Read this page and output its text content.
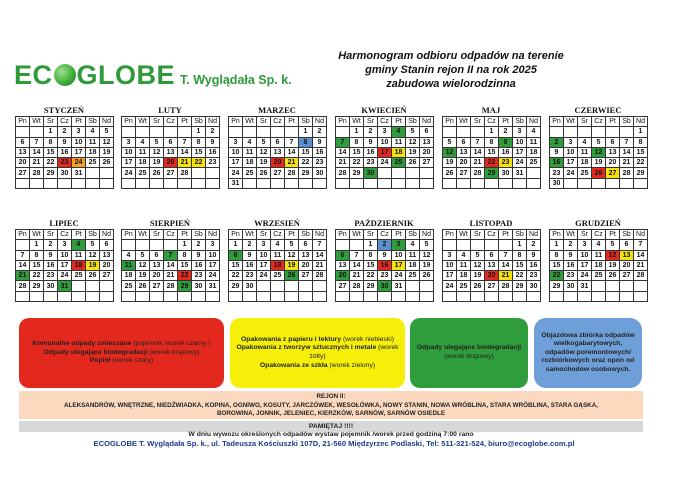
EC GLOBE T. Wyglądała Sp. k.
Harmonogram odbioru odpadów na terenie
gminy Stanin rejon II na rok 2025
zabudowa wielorodzinna
STYCZEŃ
Pn	Wt	Śr	Cz	Pt	Sb	Nd
		1	2	3	4	5
6	7	8	9	10	11	12
13	14	15	16	17	18	19
20	21	22	23	24	25	26
27	28	29	30	31		

LUTY
Pn	Wt	Śr	Cz	Pt	Sb	Nd
					1	2
3	4	5	6	7	8	9
10	11	12	13	14	15	16
17	18	19	20	21	22	23
24	25	26	27	28		

MARZEC
Pn	Wt	Śr	Cz	Pt	Sb	Nd
					1	2
3	4	5	6	7	8	9
10	11	12	13	14	15	16
17	18	19	20	21	22	23
24	25	26	27	28	29	30
31						
KWIECIEŃ
Pn	Wt	Śr	Cz	Pt	Sb	Nd
	1	2	3	4	5	6
7	8	9	10	11	12	13
14	15	16	17	18	19	20
21	22	23	24	25	26	27
28	29	30				

MAJ
Pn	Wt	Śr	Cz	Pt	Sb	Nd
			1	2	3	4
5	6	7	8	9	10	11
12	13	14	15	16	17	18
19	20	21	22	23	24	25
26	27	28	29	30	31	

CZERWIEC
Pn	Wt	Śr	Cz	Pt	Sb	Nd
						1
2	3	4	5	6	7	8
9	10	11	12	13	14	15
16	17	18	19	20	21	22
23	24	25	26	27	28	29
30						
LIPIEC
Pn	Wt	Śr	Cz	Pt	Sb	Nd
	1	2	3	4	5	6
7	8	9	10	11	12	13
14	15	16	17	18	19	20
21	22	23	24	25	26	27
28	29	30	31			

SIERPIEŃ
Pn	Wt	Śr	Cz	Pt	Sb	Nd
				1	2	3
4	5	6	7	8	9	10
11	12	13	14	15	16	17
18	19	20	21	22	23	24
25	26	27	28	29	30	31

WRZESIEŃ
Pn	Wt	Śr	Cz	Pt	Sb	Nd
1	2	3	4	5	6	7
8	9	10	11	12	13	14
15	16	17	18	19	20	21
22	23	24	25	26	27	28
29	30					

PAŹDZIERNIK
Pn	Wt	Śr	Cz	Pt	Sb	Nd
		1	2	3	4	5
6	7	8	9	10	11	12
13	14	15	16	17	18	19
20	21	22	23	24	25	26
27	28	29	30	31		

LISTOPAD
Pn	Wt	Śr	Cz	Pt	Sb	Nd
					1	2
3	4	5	6	7	8	9
10	11	12	13	14	15	16
17	18	19	20	21	22	23
24	25	26	27	28	29	30

GRUDZIEŃ
Pn	Wt	Śr	Cz	Pt	Sb	Nd
1	2	3	4	5	6	7
8	9	10	11	12	13	14
15	16	17	18	19	20	21
22	23	24	25	26	27	28
29	30	31				

Komunalne odpady zmieszane (pojemnik /worek czarny )
Odpady ulegające biodegradacji (worek brązowy)
Popiół (worek szary)
Opakowania z papieru i tektury (worek niebieski)
Opakowania z tworzyw sztucznych i metale (worek żółty)
Opakowania ze szkła (worek zielony)
Odpady ulegające biodegradacji (worek brązowy)
Objazdowa zbiórka odpadów wielkogabarytowych, odpadów poremontowych/ rozbiórkowych oraz opon od samochodów osobowych.
REJON II:
ALEKSANDRÓW, WNĘTRZNE, NIEDŹWIADKA, KOPINA, OGNIWO, KOSUTY, JARCZÓWEK, WESOŁÓWKA, NOWY STANIN, NOWA WRÓBLINA, STARA WRÓBLINA, STARA GĄSKA,
BOROWINA, JONNIK, JELENIEC, KIERZKÓW, SARNÓW, SARNÓW OSIEDLE
PAMIĘTAJ !!!!
W dniu wywozu określonych odpadów wystaw pojemnik /worek przed godziną 7:00 rano
ECOGLOBE T. Wyglądała Sp. k., ul. Tadeusza Kościuszki 107D, 21-560 Międzyrzec Podlaski, Tel: 511-321-524, biuro@ecoglobe.com.pl
